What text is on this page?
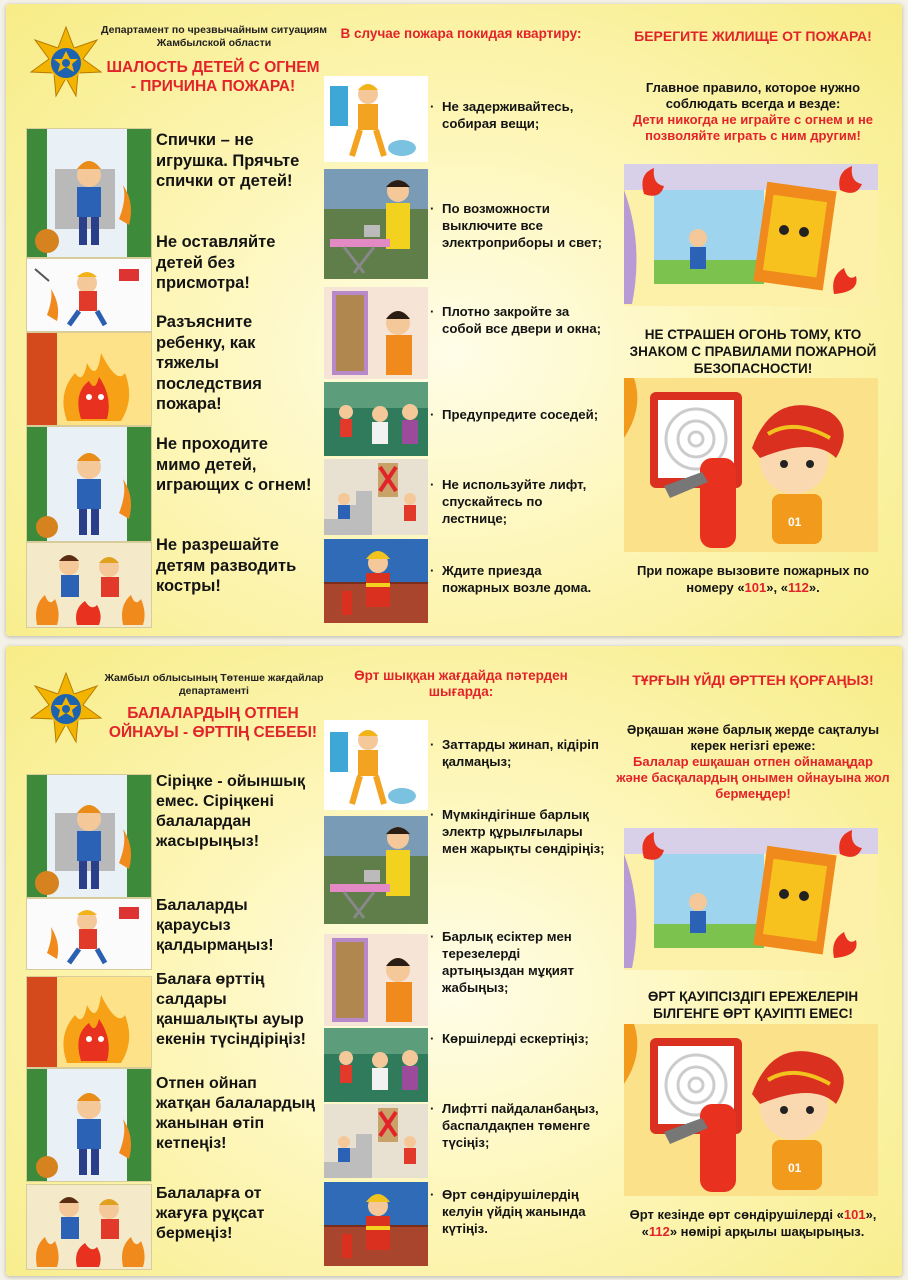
Департамент по чрезвычайным ситуациям Жамбылской области
ШАЛОСТЬ ДЕТЕЙ С ОГНЕМ - ПРИЧИНА ПОЖАРА!
Спички – не игрушка. Прячьте спички от детей!
Не оставляйте детей без присмотра!
Разъясните ребенку, как тяжелы последствия пожара!
Не проходите мимо детей, играющих с огнем!
Не разрешайте детям разводить костры!
В случае пожара покидая квартиру:
· Не задерживайтесь, собирая вещи;
· По возможности выключите все электроприборы и свет;
· Плотно закройте за собой все двери и окна;
· Предупредите соседей;
· Не используйте лифт, спускайтесь по лестнице;
· Ждите приезда пожарных возле дома.
БЕРЕГИТЕ ЖИЛИЩЕ ОТ ПОЖАРА!
Главное правило, которое нужно соблюдать всегда и везде:
Дети никогда не играйте с огнем и не позволяйте играть с ним другим!
НЕ СТРАШЕН ОГОНЬ ТОМУ, КТО ЗНАКОМ С ПРАВИЛАМИ ПОЖАРНОЙ БЕЗОПАСНОСТИ!
01
При пожаре вызовите пожарных по номеру «101», «112».
Жамбыл облысының Төтенше жағдайлар департаменті
БАЛАЛАРДЫҢ ОТПЕН ОЙНАУЫ - ӨРТТІҢ СЕБЕБІ!
Сіріңке - ойыншық емес. Сіріңкені балалардан жасырыңыз!
Балаларды қараусыз қалдырмаңыз!
Балаға өрттің салдары қаншалықты ауыр екенін түсіндіріңіз!
Отпен ойнап жатқан балалардың жанынан өтіп кетпеңіз!
Балаларға от жағуға рұқсат бермеңіз!
Өрт шыққан жағдайда пәтерден шығарда:
· Заттарды жинап, кідіріп қалмаңыз;
· Мүмкіндігінше барлық электр құрылғылары мен жарықты сөндіріңіз;
· Барлық есіктер мен терезелерді артыңыздан мұқият жабыңыз;
· Көршілерді ескертіңіз;
· Лифтті пайдаланбаңыз, баспалдақпен төменге түсіңіз;
· Өрт сөндірушілердің келуін үйдің жанында күтіңіз.
ТҰРҒЫН ҮЙДІ ӨРТТЕН ҚОРҒАҢЫЗ!
Әрқашан және барлық жерде сақталуы керек негізгі ереже:
Балалар ешқашан отпен ойнамаңдар және басқалардың онымен ойнауына жол бермеңдер!
ӨРТ ҚАУІПСІЗДІГІ ЕРЕЖЕЛЕРІН БІЛГЕНГЕ ӨРТ ҚАУІПТІ ЕМЕС!
01
Өрт кезінде өрт сөндірушілерді «101», «112» нөмірі арқылы шақырыңыз.
